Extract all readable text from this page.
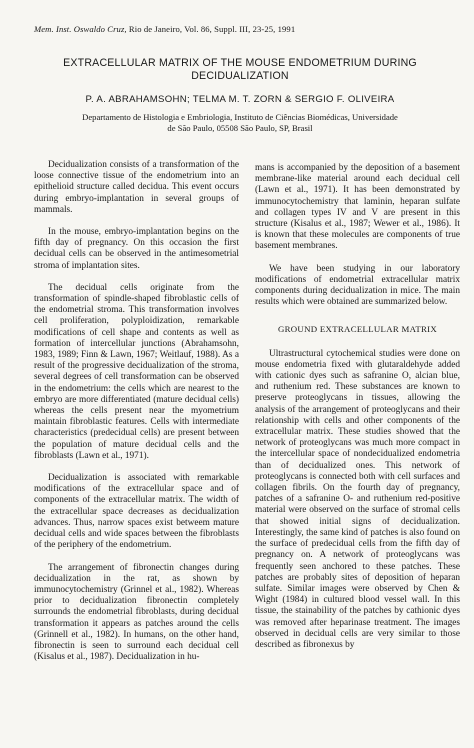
Mem. Inst. Oswaldo Cruz, Rio de Janeiro, Vol. 86, Suppl. III, 23-25, 1991
EXTRACELLULAR MATRIX OF THE MOUSE ENDOMETRIUM DURING
DECIDUALIZATION
P. A. ABRAHAMSOHN; TELMA M. T. ZORN & SERGIO F. OLIVEIRA
Departamento de Histologia e Embriologia, Instituto de Ciências Biomédicas, Universidade
de São Paulo, 05508 São Paulo, SP, Brasil

Decidualization consists of a transformation of the loose connective tissue of the endometrium into an epithelioid structure called decidua. This event occurs during embryo-implantation in several groups of mammals.

In the mouse, embryo-implantation begins on the fifth day of pregnancy. On this occasion the first decidual cells can be observed in the antimesometrial stroma of implantation sites.

The decidual cells originate from the transformation of spindle-shaped fibroblastic cells of the endometrial stroma. This transformation involves cell proliferation, polyploidization, remarkable modifications of cell shape and contents as well as formation of intercellular junctions (Abrahamsohn, 1983, 1989; Finn & Lawn, 1967; Weitlauf, 1988). As a result of the progressive decidualization of the stroma, several degrees of cell transformation can be observed in the endometrium: the cells which are nearest to the embryo are more differentiated (mature decidual cells) whereas the cells present near the myometrium maintain fibroblastic features. Cells with intermediate characteristics (predecidual cells) are present between the population of mature decidual cells and the fibroblasts (Lawn et al., 1971).

Decidualization is associated with remarkable modifications of the extracellular space and of components of the extracellular matrix. The width of the extracellular space decreases as decidualization advances. Thus, narrow spaces exist betweem mature decidual cells and wide spaces between the fibroblasts of the periphery of the endometrium.

The arrangement of fibronectin changes during decidualization in the rat, as shown by immunocytochemistry (Grinnel et al., 1982). Whereas prior to decidualization fibronectin completely surrounds the endometrial fibroblasts, during decidual transformation it appears as patches around the cells (Grinnell et al., 1982). In humans, on the other hand, fibronectin is seen to surround each decidual cell (Kisalus et al., 1987). Decidualization in hu-

mans is accompanied by the deposition of a basement membrane-like material around each decidual cell (Lawn et al., 1971). It has been demonstrated by immunocytochemistry that laminin, heparan sulfate and collagen types IV and V are present in this structure (Kisalus et al., 1987; Wewer et al., 1986). It is known that these molecules are components of true basement membranes.

We have been studying in our laboratory modifications of endometrial extracellular matrix components during decidualization in mice. The main results which were obtained are summarized below.

GROUND EXTRACELLULAR MATRIX

Ultrastructural cytochemical studies were done on mouse endometria fixed with glutaraldehyde added with cationic dyes such as safranine O, alcian blue, and ruthenium red. These substances are known to preserve proteoglycans in tissues, allowing the analysis of the arrangement of proteoglycans and their relationship with cells and other components of the extracellular matrix. These studies showed that the network of proteoglycans was much more compact in the intercellular space of nondecidualized endometria than of decidualized ones. This network of proteoglycans is connected both with cell surfaces and collagen fibrils. On the fourth day of pregnancy, patches of a safranine O- and ruthenium red-positive material were observed on the surface of stromal cells that showed initial signs of decidualization. Interestingly, the same kind of patches is also found on the surface of predecidual cells from the fifth day of pregnancy on. A network of proteoglycans was frequently seen anchored to these patches. These patches are probably sites of deposition of heparan sulfate. Similar images were observed by Chen & Wight (1984) in cultured blood vessel wall. In this tissue, the stainability of the patches by cathionic dyes was removed after heparinase treatment. The images observed in decidual cells are very similar to those described as fibronexus by
